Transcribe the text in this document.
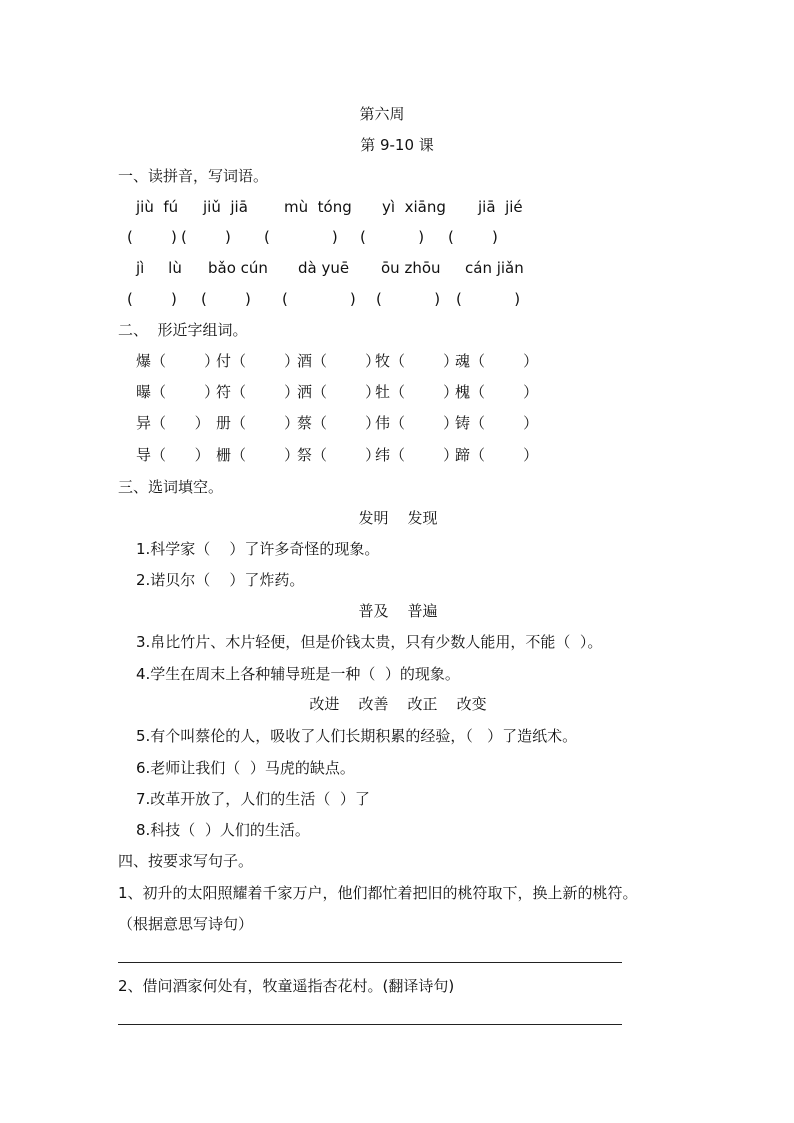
第六周
第 9-10 课
一、读拼音，写词语。
jiù  fú jiǔ  jiā mù  tóng yì  xiāng jiā  jié
(        ) (        ) (             ) (           ) (        )
jì     lù bǎo cún dà yuē ōu zhōu cán jiǎn
(        ) (        ) (             ) (           ) (           )
二、  形近字组词。
爆（        ）
付（        ）
酒（        ）
牧（        ）
魂（        ）
曝（        ）
符（        ）
洒（        ）
牡（        ）
槐（        ）
异（      ） 册（        ）
蔡（        ）
伟（        ）
铸（        ）
导（      ） 栅（        ）
祭（        ）
纬（        ）
蹄（        ）
三、选词填空。
发明    发现
1.科学家（    ）了许多奇怪的现象。
2.诺贝尔（    ）了炸药。
普及    普遍
3.帛比竹片、木片轻便，但是价钱太贵，只有少数人能用，不能（  ）。
4.学生在周末上各种辅导班是一种（  ）的现象。
改进    改善    改正    改变
5.有个叫蔡伦的人，吸收了人们长期积累的经验，（   ）了造纸术。
6.老师让我们（  ）马虎的缺点。
7.改革开放了，人们的生活（  ）了
8.科技（  ）人们的生活。
四、按要求写句子。
1、初升的太阳照耀着千家万户，他们都忙着把旧的桃符取下，换上新的桃符。
（根据意思写诗句）
2、借问酒家何处有，牧童遥指杏花村。(翻译诗句)
